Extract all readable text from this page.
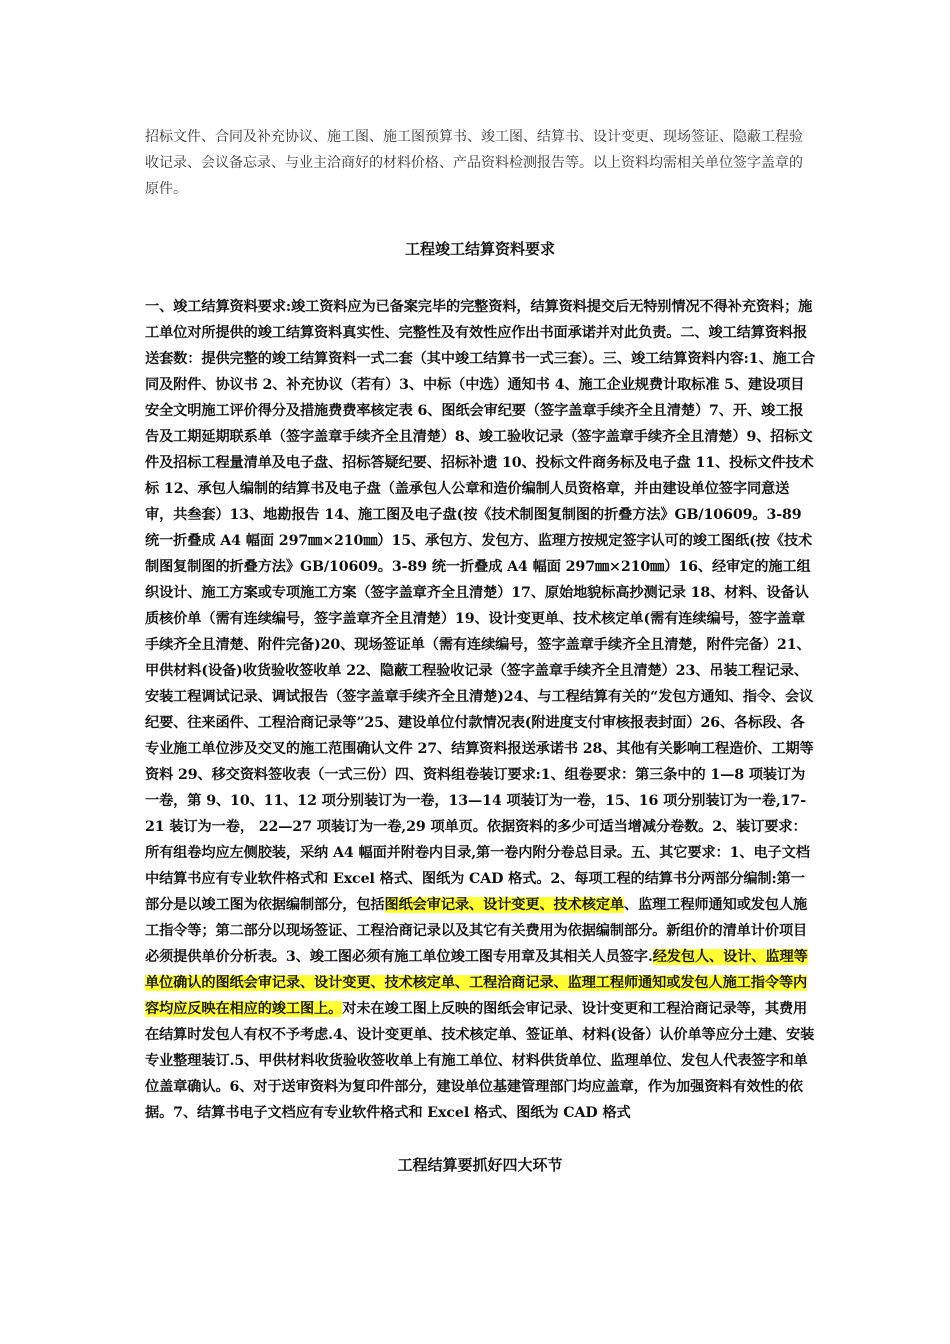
招标文件、合同及补充协议、施工图、施工图预算书、竣工图、结算书、设计变更、现场签证、隐蔽工程验收记录、会议备忘录、与业主洽商好的材料价格、产品资料检测报告等。以上资料均需相关单位签字盖章的原件。

工程竣工结算资料要求

一、竣工结算资料要求:竣工资料应为已备案完毕的完整资料，结算资料提交后无特别情况不得补充资料；施工单位对所提供的竣工结算资料真实性、完整性及有效性应作出书面承诺并对此负责。二、竣工结算资料报送套数：提供完整的竣工结算资料一式二套（其中竣工结算书一式三套）。三、竣工结算资料内容:1、施工合同及附件、协议书 2、补充协议（若有）3、中标（中选）通知书 4、施工企业规费计取标准 5、建设项目安全文明施工评价得分及措施费费率核定表 6、图纸会审纪要（签字盖章手续齐全且清楚）7、开、竣工报告及工期延期联系单（签字盖章手续齐全且清楚）8、竣工验收记录（签字盖章手续齐全且清楚）9、招标文件及招标工程量清单及电子盘、招标答疑纪要、招标补遗 10、投标文件商务标及电子盘 11、投标文件技术标 12、承包人编制的结算书及电子盘（盖承包人公章和造价编制人员资格章，并由建设单位签字同意送审，共叁套）13、地勘报告 14、施工图及电子盘(按《技术制图复制图的折叠方法》GB/10609。3-89 统一折叠成 A4 幅面 297㎜×210㎜）15、承包方、发包方、监理方按规定签字认可的竣工图纸(按《技术制图复制图的折叠方法》GB/10609。3-89 统一折叠成 A4 幅面 297㎜×210㎜）16、经审定的施工组织设计、施工方案或专项施工方案（签字盖章齐全且清楚）17、原始地貌标高抄测记录 18、材料、设备认质核价单（需有连续编号，签字盖章齐全且清楚）19、设计变更单、技术核定单(需有连续编号，签字盖章手续齐全且清楚、附件完备)20、现场签证单（需有连续编号，签字盖章手续齐全且清楚，附件完备）21、甲供材料(设备)收货验收签收单 22、隐蔽工程验收记录（签字盖章手续齐全且清楚）23、吊装工程记录、安装工程调试记录、调试报告（签字盖章手续齐全且清楚)24、与工程结算有关的“发包方通知、指令、会议纪要、往来函件、工程洽商记录等”25、建设单位付款情况表(附进度支付审核报表封面）26、各标段、各专业施工单位涉及交叉的施工范围确认文件 27、结算资料报送承诺书 28、其他有关影响工程造价、工期等资料 29、移交资料签收表（一式三份）四、资料组卷装订要求:1、组卷要求：第三条中的 1—8 项装订为一卷，第 9、10、11、12 项分别装订为一卷，13—14 项装订为一卷，15、16 项分别装订为一卷,17-21 装订为一卷， 22—27 项装订为一卷,29 项单页。依据资料的多少可适当增减分卷数。2、装订要求：所有组卷均应左侧胶装，采纳 A4 幅面并附卷内目录,第一卷内附分卷总目录。五、其它要求：1、电子文档中结算书应有专业软件格式和 Excel 格式、图纸为 CAD 格式。2、每项工程的结算书分两部分编制:第一部分是以竣工图为依据编制部分，包括图纸会审记录、设计变更、技术核定单、监理工程师通知或发包人施工指令等；第二部分以现场签证、工程洽商记录以及其它有关费用为依据编制部分。新组价的清单计价项目必须提供单价分析表。3、竣工图必须有施工单位竣工图专用章及其相关人员签字.经发包人、设计、监理等单位确认的图纸会审记录、设计变更、技术核定单、工程洽商记录、监理工程师通知或发包人施工指令等内容均应反映在相应的竣工图上。对未在竣工图上反映的图纸会审记录、设计变更和工程洽商记录等，其费用在结算时发包人有权不予考虑.4、设计变更单、技术核定单、签证单、材料(设备）认价单等应分土建、安装专业整理装订.5、甲供材料收货验收签收单上有施工单位、材料供货单位、监理单位、发包人代表签字和单位盖章确认。6、对于送审资料为复印件部分，建设单位基建管理部门均应盖章，作为加强资料有效性的依据。7、结算书电子文档应有专业软件格式和 Excel 格式、图纸为 CAD 格式

工程结算要抓好四大环节
